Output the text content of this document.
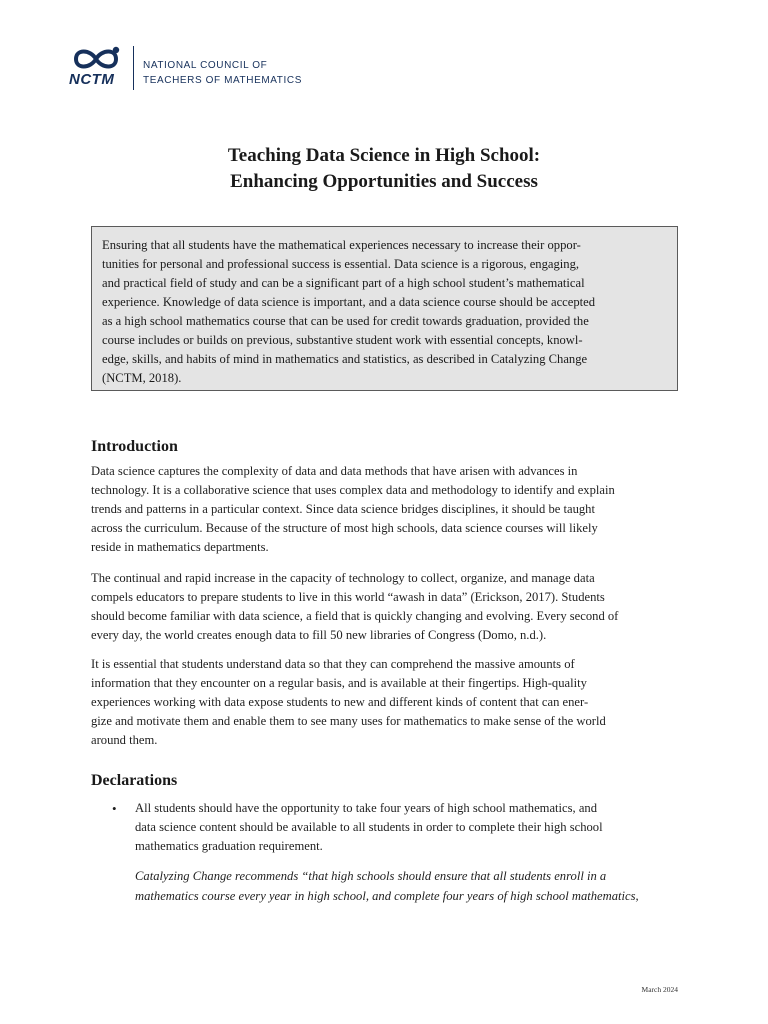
NCTM
NATIONAL COUNCIL OF
TEACHERS OF MATHEMATICS
Teaching Data Science in High School:
Enhancing Opportunities and Success
Ensuring that all students have the mathematical experiences necessary to increase their oppor-
tunities for personal and professional success is essential. Data science is a rigorous, engaging,
and practical field of study and can be a significant part of a high school student’s mathematical
experience. Knowledge of data science is important, and a data science course should be accepted
as a high school mathematics course that can be used for credit towards graduation, provided the
course includes or builds on previous, substantive student work with essential concepts, knowl-
edge, skills, and habits of mind in mathematics and statistics, as described in Catalyzing Change
(NCTM, 2018).
Introduction
Data science captures the complexity of data and data methods that have arisen with advances in
technology. It is a collaborative science that uses complex data and methodology to identify and explain
trends and patterns in a particular context. Since data science bridges disciplines, it should be taught
across the curriculum. Because of the structure of most high schools, data science courses will likely
reside in mathematics departments.
The continual and rapid increase in the capacity of technology to collect, organize, and manage data
compels educators to prepare students to live in this world “awash in data” (Erickson, 2017). Students
should become familiar with data science, a field that is quickly changing and evolving. Every second of
every day, the world creates enough data to fill 50 new libraries of Congress (Domo, n.d.).
It is essential that students understand data so that they can comprehend the massive amounts of
information that they encounter on a regular basis, and is available at their fingertips. High-quality
experiences working with data expose students to new and different kinds of content that can ener-
gize and motivate them and enable them to see many uses for mathematics to make sense of the world
around them.
Declarations
• All students should have the opportunity to take four years of high school mathematics, and
data science content should be available to all students in order to complete their high school
mathematics graduation requirement.
Catalyzing Change recommends “that high schools should ensure that all students enroll in a
mathematics course every year in high school, and complete four years of high school mathematics,
March 2024
